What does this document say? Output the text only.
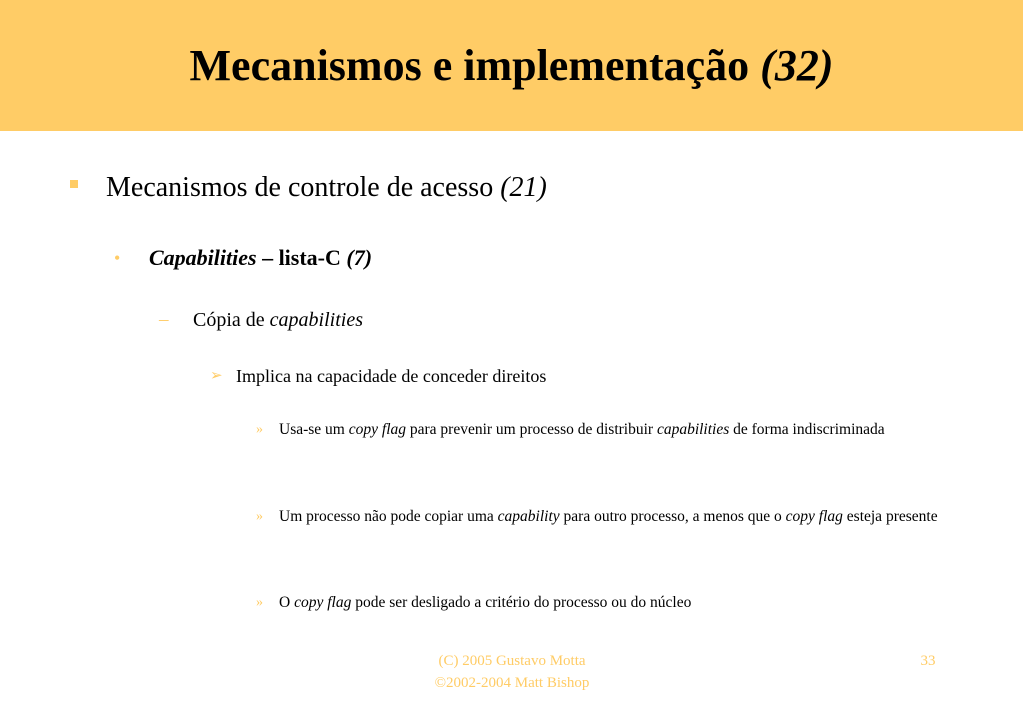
Mecanismos e implementação (32)
Mecanismos de controle de acesso (21)
• Capabilities – lista-C (7)
– Cópia de capabilities
➢ Implica na capacidade de conceder direitos
» Usa-se um copy flag para prevenir um processo de distribuir capabilities de forma indiscriminada
» Um processo não pode copiar uma capability para outro processo, a menos que o copy flag esteja presente
» O copy flag pode ser desligado a critério do processo ou do núcleo
(C) 2005 Gustavo Motta
©2002-2004 Matt Bishop
33
